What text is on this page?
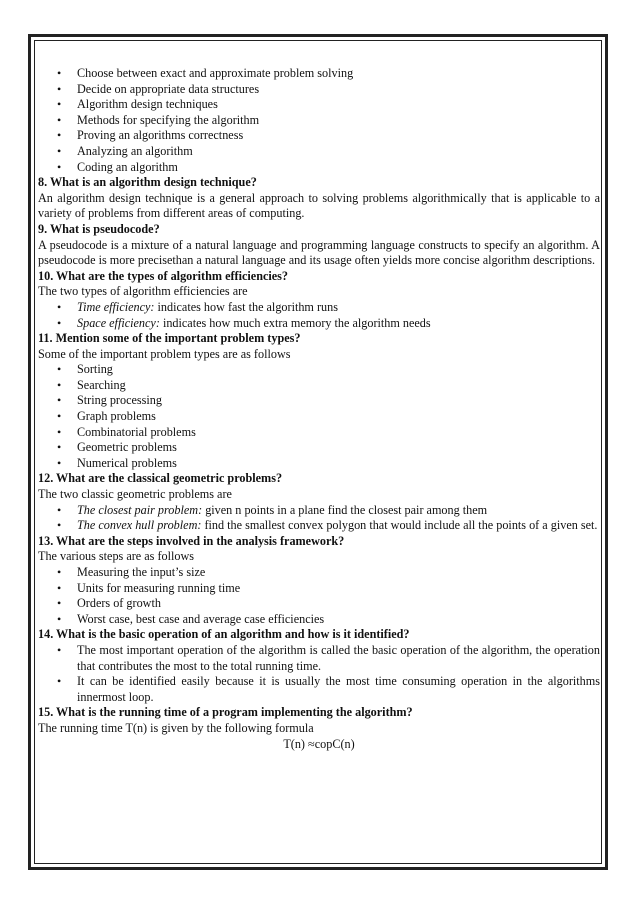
• Choose between exact and approximate problem solving
• Decide on appropriate data structures
• Algorithm design techniques
• Methods for specifying the algorithm
• Proving an algorithms correctness
• Analyzing an algorithm
• Coding an algorithm

8. What is an algorithm design technique?

An algorithm design technique is a general approach to solving problems algorithmically that is applicable to a variety of problems from different areas of computing.

9. What is pseudocode?

A pseudocode is a mixture of a natural language and programming language constructs to specify an algorithm. A pseudocode is more precisethan a natural language and its usage often yields more concise algorithm descriptions.

10. What are the types of algorithm efficiencies?

The two types of algorithm efficiencies are

• Time efficiency: indicates how fast the algorithm runs
• Space efficiency: indicates how much extra memory the algorithm needs

11. Mention some of the important problem types?

Some of the important problem types are as follows

• Sorting
• Searching
• String processing
• Graph problems
• Combinatorial problems
• Geometric problems
• Numerical problems

12. What are the classical geometric problems?

The two classic geometric problems are

• The closest pair problem: given n points in a plane find the closest pair among them
• The convex hull problem: find the smallest convex polygon that would include all the points of a given set.

13. What are the steps involved in the analysis framework?

The various steps are as follows

• Measuring the input’s size
• Units for measuring running time
• Orders of growth
• Worst case, best case and average case efficiencies

14. What is the basic operation of an algorithm and how is it identified?

• The most important operation of the algorithm is called the basic operation of the algorithm, the operation that contributes the most to the total running time.
• It can be identified easily because it is usually the most time consuming operation in the algorithms innermost loop.

15. What is the running time of a program implementing the algorithm?

The running time T(n) is given by the following formula

T(n) ≈copC(n)
